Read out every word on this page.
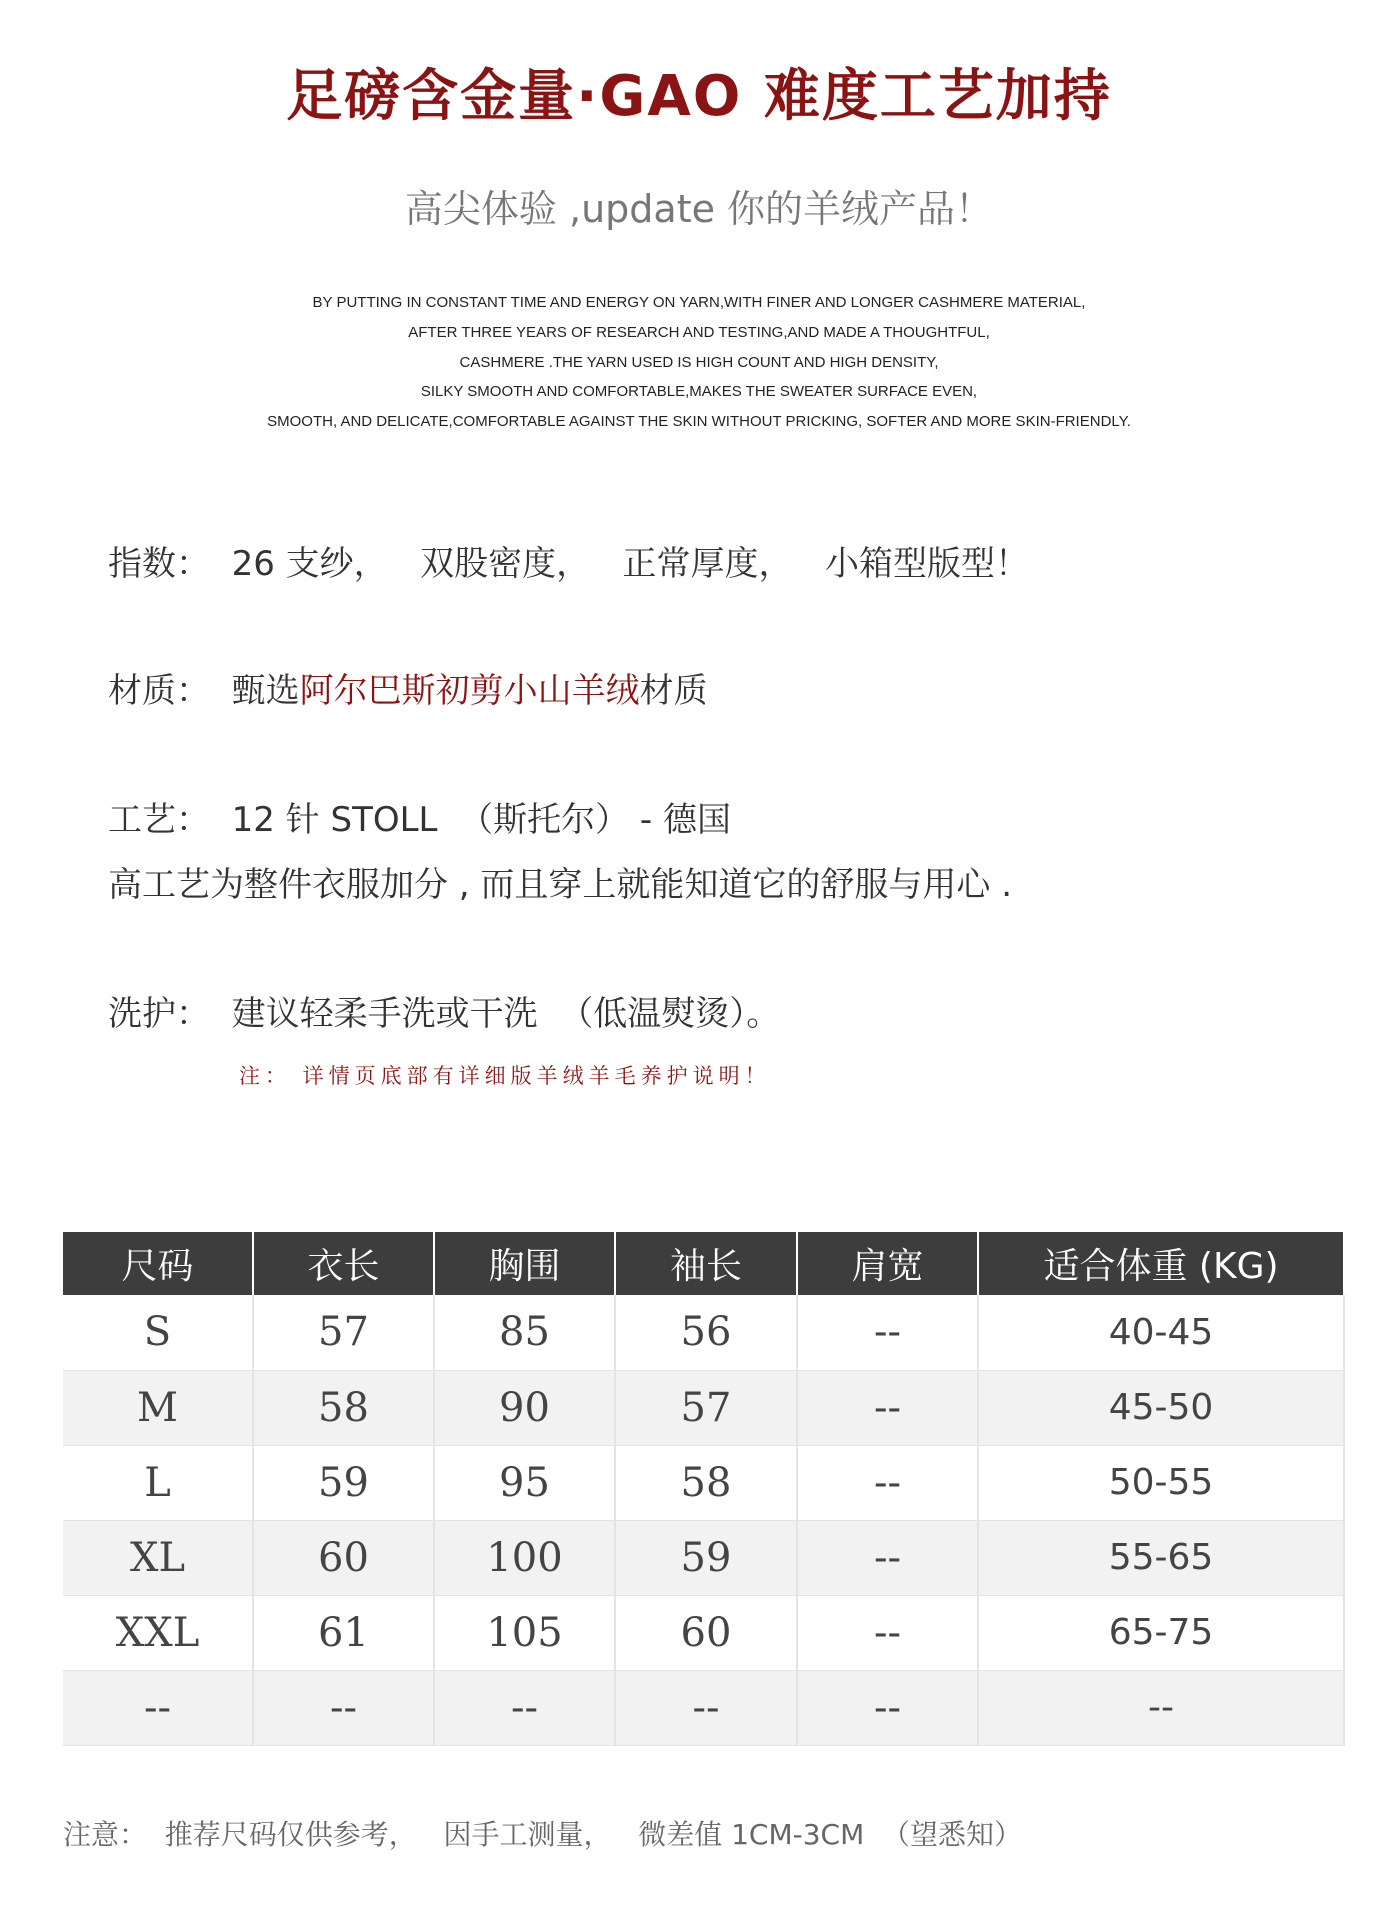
足磅含金量·GAO 难度工艺加持
高尖体验 ,update 你的羊绒产品！
BY PUTTING IN CONSTANT TIME AND ENERGY ON YARN,WITH FINER AND LONGER CASHMERE MATERIAL,
AFTER THREE YEARS OF RESEARCH AND TESTING,AND MADE A THOUGHTFUL,
CASHMERE .THE YARN USED IS HIGH COUNT AND HIGH DENSITY,
SILKY SMOOTH AND COMFORTABLE,MAKES THE SWEATER SURFACE EVEN,
SMOOTH, AND DELICATE,COMFORTABLE AGAINST THE SKIN WITHOUT PRICKING, SOFTER AND MORE SKIN-FRIENDLY.
指数：  26 支纱，   双股密度，   正常厚度，   小箱型版型！
材质：  甄选阿尔巴斯初剪小山羊绒材质
工艺：  12 针 STOLL  （斯托尔） - 德国
高工艺为整件衣服加分 , 而且穿上就能知道它的舒服与用心 .
洗护：  建议轻柔手洗或干洗  （低温熨烫）。
注： 详情页底部有详细版羊绒羊毛养护说明！
尺码	衣长	胸围	袖长	肩宽	适合体重 (KG)
S	57	85	56	--	40-45
M	58	90	57	--	45-50
L	59	95	58	--	50-55
XL	60	100	59	--	55-65
XXL	61	105	60	--	65-75
--	--	--	--	--	--
注意：  推荐尺码仅供参考，   因手工测量，   微差值 1CM-3CM  （望悉知）
